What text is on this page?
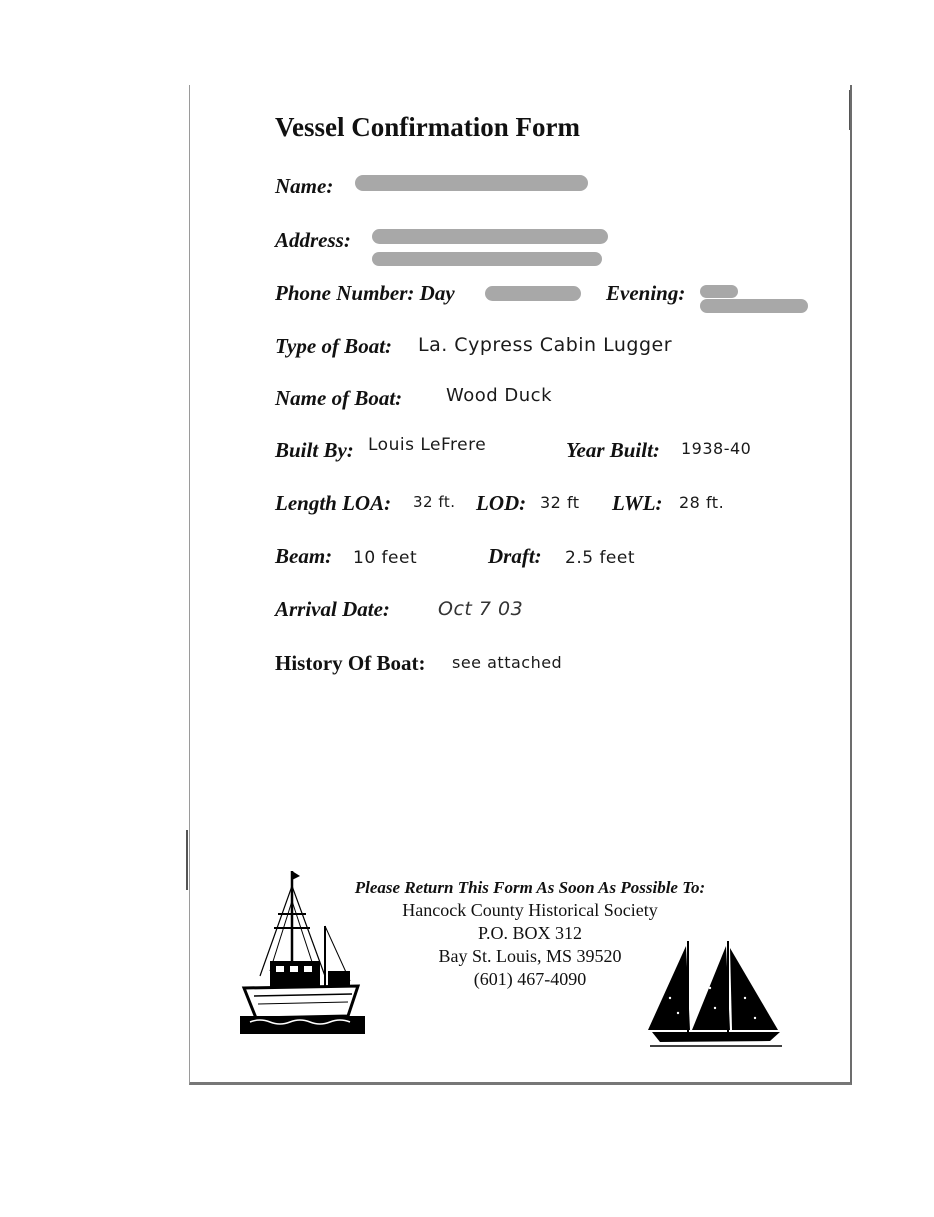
Vessel Confirmation Form
Name:
Address:
Phone Number: Day	Evening:
Type of Boat: La. Cypress Cabin Lugger
Name of Boat: Wood Duck
Built By: Louis LeFrere	Year Built: 1938-40
Length LOA: 32 ft. LOD: 32 ft LWL: 28 ft.
Beam: 10 feet	Draft: 2.5 feet
Arrival Date:	Oct 7 03
History Of Boat: see attached
Please Return This Form As Soon As Possible To:
Hancock County Historical Society
P.O. BOX 312
Bay St. Louis, MS 39520
(601) 467-4090
